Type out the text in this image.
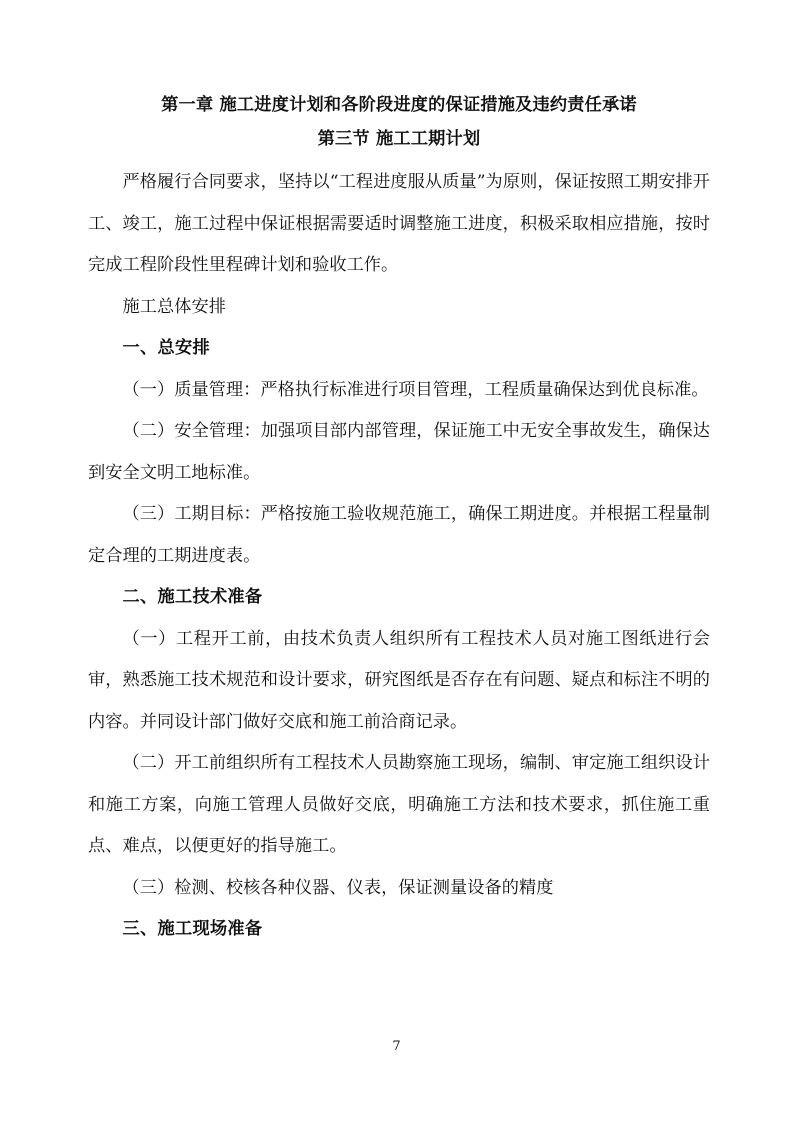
第一章 施工进度计划和各阶段进度的保证措施及违约责任承诺
第三节 施工工期计划

严格履行合同要求，坚持以“工程进度服从质量”为原则，保证按照工期安排开工、竣工，施工过程中保证根据需要适时调整施工进度，积极采取相应措施，按时完成工程阶段性里程碑计划和验收工作。

施工总体安排

一、总安排

（一）质量管理：严格执行标准进行项目管理，工程质量确保达到优良标准。

（二）安全管理：加强项目部内部管理，保证施工中无安全事故发生，确保达到安全文明工地标准。

（三）工期目标：严格按施工验收规范施工，确保工期进度。并根据工程量制定合理的工期进度表。

二、施工技术准备

（一）工程开工前，由技术负责人组织所有工程技术人员对施工图纸进行会审，熟悉施工技术规范和设计要求，研究图纸是否存在有问题、疑点和标注不明的内容。并同设计部门做好交底和施工前洽商记录。

（二）开工前组织所有工程技术人员勘察施工现场，编制、审定施工组织设计和施工方案，向施工管理人员做好交底，明确施工方法和技术要求，抓住施工重点、难点，以便更好的指导施工。

（三）检测、校核各种仪器、仪表，保证测量设备的精度

三、施工现场准备

7
